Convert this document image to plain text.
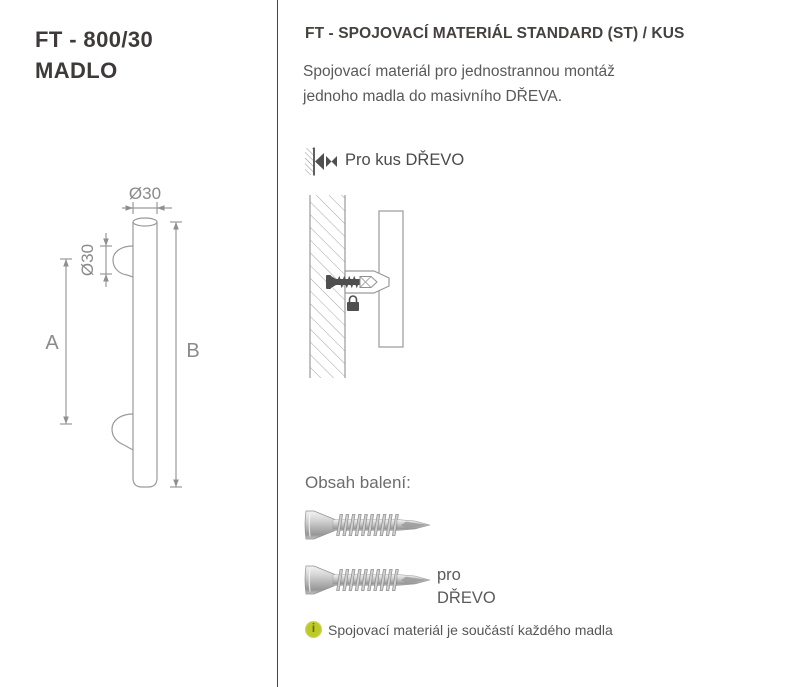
FT - 800/30
MADLO
Ø30
Ø30
A	B
FT - SPOJOVACÍ MATERIÁL STANDARD (ST) / KUS
Spojovací materiál pro jednostrannou montáž
jednoho madla do masivního DŘEVA.
Pro kus DŘEVO
Obsah balení:
pro
DŘEVO
i Spojovací materiál je součástí každého madla
